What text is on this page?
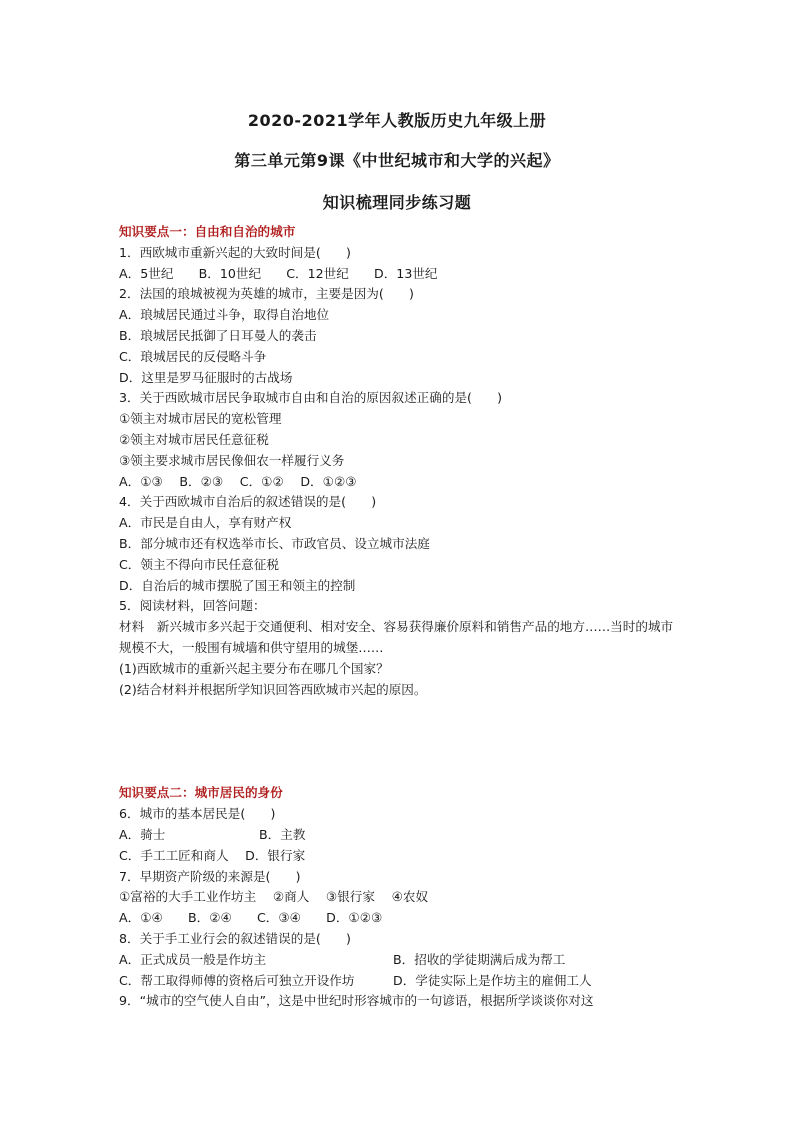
2020-2021学年人教版历史九年级上册
第三单元第9课《中世纪城市和大学的兴起》
知识梳理同步练习题
知识要点一：自由和自治的城市
1．西欧城市重新兴起的大致时间是(　　)
A．5世纪　　B．10世纪　　C．12世纪　　D．13世纪
2．法国的琅城被视为英雄的城市，主要是因为(　　)
A．琅城居民通过斗争，取得自治地位
B．琅城居民抵御了日耳曼人的袭击
C．琅城居民的反侵略斗争
D．这里是罗马征服时的古战场
3．关于西欧城市居民争取城市自由和自治的原因叙述正确的是(　　)
①领主对城市居民的宽松管理
②领主对城市居民任意征税
③领主要求城市居民像佃农一样履行义务
A．①③　 B．②③　 C．①②　 D．①②③
4．关于西欧城市自治后的叙述错误的是(　　)
A．市民是自由人，享有财产权
B．部分城市还有权选举市长、市政官员、设立城市法庭
C．领主不得向市民任意征税
D．自治后的城市摆脱了国王和领主的控制
5．阅读材料，回答问题：
材料　新兴城市多兴起于交通便利、相对安全、容易获得廉价原料和销售产品的地方……当时的城市规模不大，一般围有城墙和供守望用的城堡……
(1)西欧城市的重新兴起主要分布在哪几个国家？
(2)结合材料并根据所学知识回答西欧城市兴起的原因。
知识要点二：城市居民的身份
6．城市的基本居民是(　　)
A．骑士	B．主教
C．手工工匠和商人　 D．银行家
7．早期资产阶级的来源是(　　)
①富裕的大手工业作坊主　 ②商人　 ③银行家　 ④农奴
A．①④　　B．②④　　C．③④　　D．①②③
8．关于手工业行会的叙述错误的是(　　)
A．正式成员一般是作坊主	B．招收的学徒期满后成为帮工
C．帮工取得师傅的资格后可独立开设作坊	D．学徒实际上是作坊主的雇佣工人
9．“城市的空气使人自由”，这是中世纪时形容城市的一句谚语，根据所学谈谈你对这
